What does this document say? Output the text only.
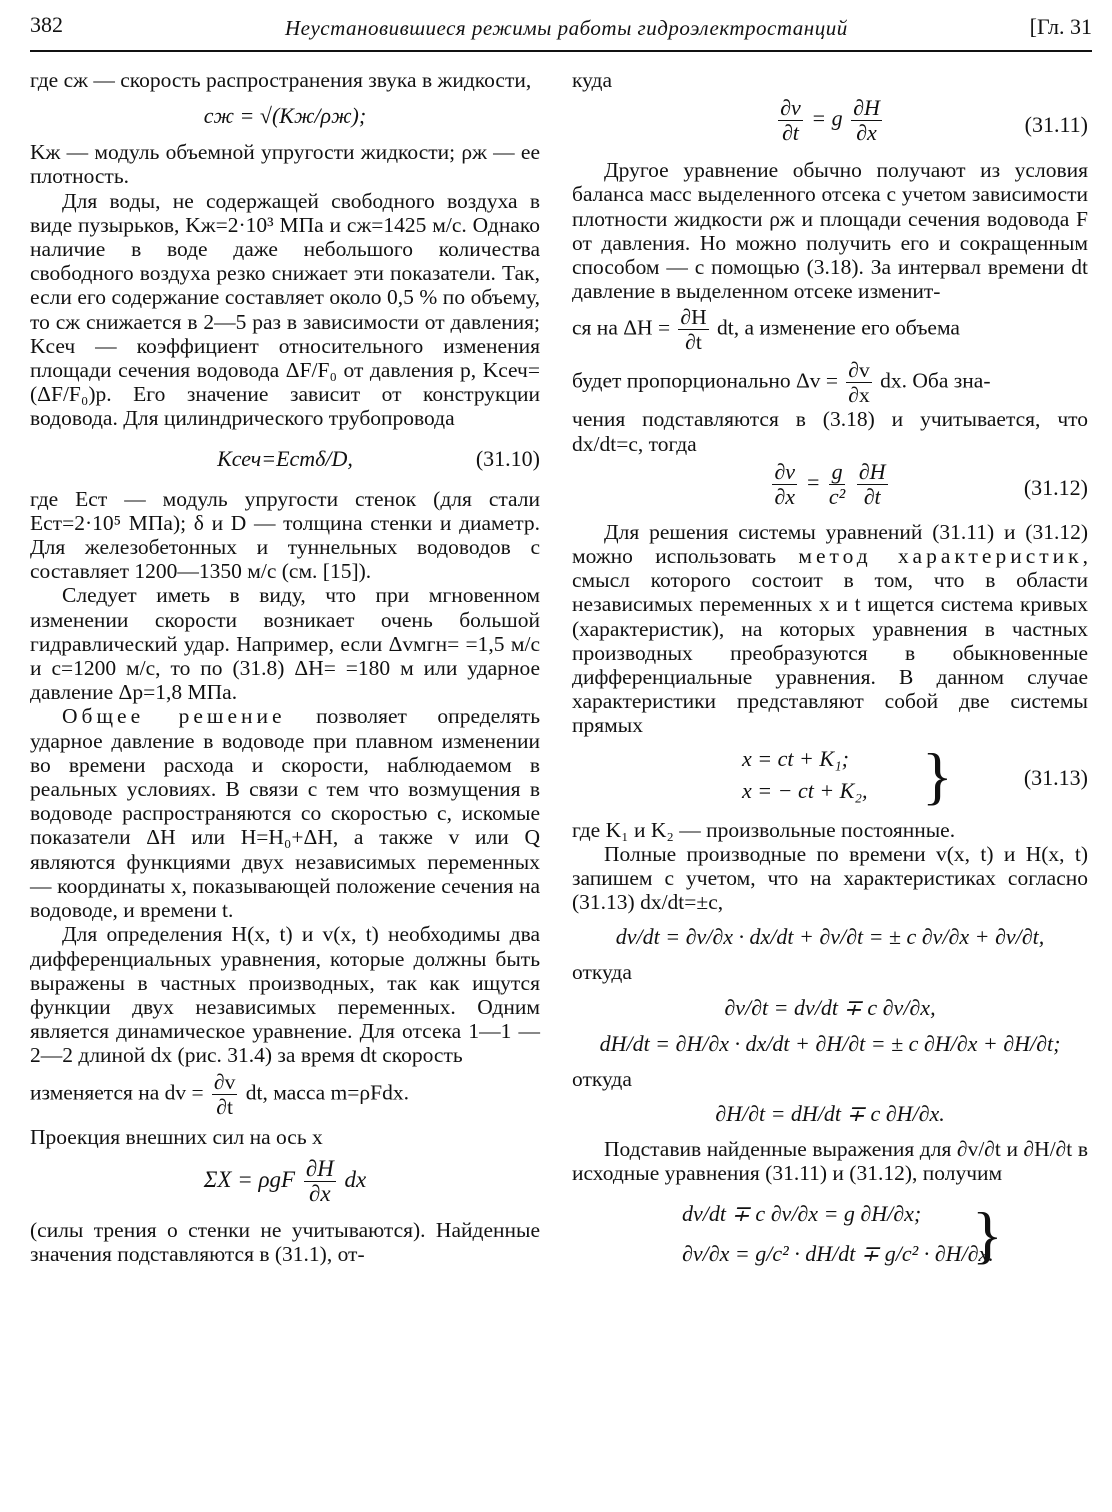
382	Неустановившиеся режимы работы гидроэлектростанций	[Гл. 31

где cж — скорость распространения звука в жидкости,

cж = √(Kж/ρж);

Kж — модуль объемной упругости жидкости; ρж — ее плотность.

Для воды, не содержащей свободного воздуха в виде пузырьков, Kж=2·10³ МПа и cж=1425 м/с. Однако наличие в воде даже небольшого количества свободного воздуха резко снижает эти показатели. Так, если его содержание составляет около 0,5 % по объему, то cж снижается в 2—5 раз в зависимости от давления; Kсеч — коэффициент относительного изменения площади сечения водовода ΔF/F₀ от давления p, Kсеч=(ΔF/F₀)p. Его значение зависит от конструкции водовода. Для цилиндрического трубопровода

Kсеч=Eстδ/D,	(31.10)

где Eст — модуль упругости стенок (для стали Eст=2·10⁵ МПа); δ и D — толщина стенки и диаметр. Для железобетонных и туннельных водоводов c составляет 1200—1350 м/с (см. [15]).

Следует иметь в виду, что при мгновенном изменении скорости возникает очень большой гидравлический удар. Например, если Δvмгн= =1,5 м/с и c=1200 м/с, то по (31.8) ΔH= =180 м или ударное давление Δp=1,8 МПа.

Общее решение позволяет определять ударное давление в водоводе при плавном изменении во времени расхода и скорости, наблюдаемом в реальных условиях. В связи с тем что возмущения в водоводе распространяются со скоростью c, искомые показатели ΔH или H=H₀+ΔH, а также v или Q являются функциями двух независимых переменных — координаты x, показывающей положение сечения на водоводе, и времени t.

Для определения H(x, t) и v(x, t) необходимы два дифференциальных уравнения, которые должны быть выражены в частных производных, так как ищутся функции двух независимых переменных. Одним является динамическое уравнение. Для отсека 1—1 — 2—2 длиной dx (рис. 31.4) за время dt скорость

изменяется на dv = $\frac{\partial v}{\partial t}$ dt, масса m=ρFdx.

Проекция внешних сил на ось x

ΣX = ρgF $\frac{\partial H}{\partial x}$ dx

(силы трения о стенки не учитываются). Найденные значения подставляются в (31.1), от-

куда

$\frac{\partial v}{\partial t} = g \frac{\partial H}{\partial x}$	(31.11)

Другое уравнение обычно получают из условия баланса масс выделенного отсека с учетом зависимости плотности жидкости ρж и площади сечения водовода F от давления. Но можно получить его и сокращенным способом — с помощью (3.18). За интервал времени dt давление в выделенном отсеке изменит-

ся на $\Delta H = \frac{\partial H}{\partial t}$ dt, а изменение его объема
будет пропорционально $\Delta v = \frac{\partial v}{\partial x}$ dx. Оба зна-

чения подставляются в (3.18) и учитывается, что dx/dt=c, тогда

$\frac{\partial v}{\partial x} = \frac{g}{\text{c²}}$
$\frac{\partial H}{\partial t}$	(31.12)

Для решения системы уравнений (31.11) и (31.12) можно использовать метод характеристик, смысл которого состоит в том, что в области независимых переменных x и t ищется система кривых (характеристик), на которых уравнения в частных производных преобразуются в обыкновенные дифференциальные уравнения. В данном случае характеристики представляют собой две системы прямых

x = ct + K₁;
x = − ct + K₂, }	(31.13)

где K₁ и K₂ — произвольные постоянные.

Полные производные по времени v(x, t) и H(x, t) запишем с учетом, что на характеристиках согласно (31.13) dx/dt=±c,

dv/dt = ∂v/∂x · dx/dt + ∂v/∂t = ± c ∂v/∂x + ∂v/∂t,

откуда

∂v/∂t = dv/dt ∓ c ∂v/∂x,
dH/dt = ∂H/∂x · dx/dt + ∂H/∂t = ± c ∂H/∂x + ∂H/∂t;

откуда

∂H/∂t = dH/dt ∓ c ∂H/∂x.

Подставив найденные выражения для ∂v/∂t и ∂H/∂t в исходные уравнения (31.11) и (31.12), получим

dv/dt ∓ c ∂v/∂x = g ∂H/∂x;
∂v/∂x = g/c² · dH/dt ∓ g/c² · ∂H/∂x.
}
